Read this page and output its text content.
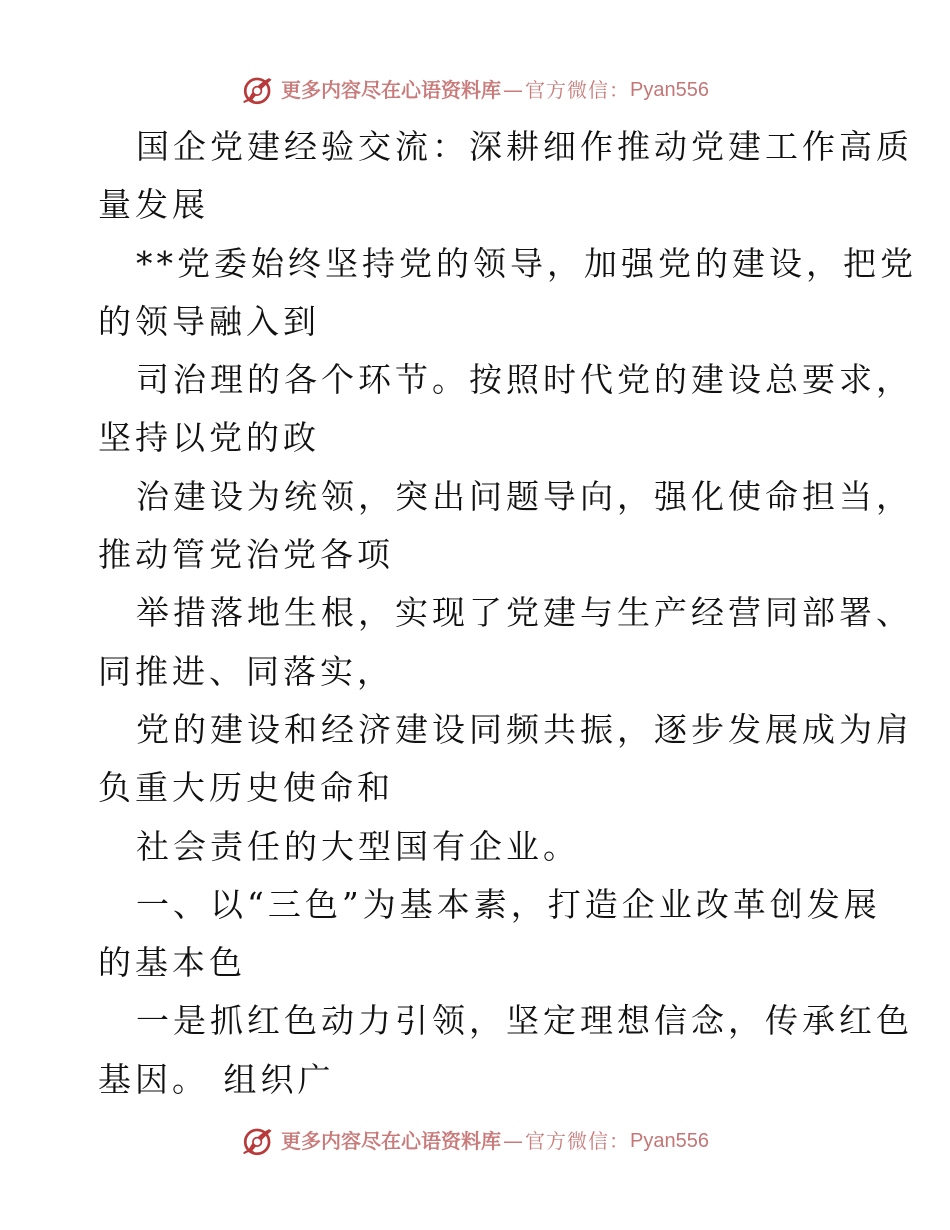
更多内容尽在心语资料库 — 官方微信： Pyan556

国企党建经验交流：深耕细作推动党建工作高质

量发展

**党委始终坚持党的领导，加强党的建设，把党

的领导融入到

司治理的各个环节。按照时代党的建设总要求，

坚持以党的政

治建设为统领，突出问题导向，强化使命担当，

推动管党治党各项

举措落地生根，实现了党建与生产经营同部署、

同推进、同落实，

党的建设和经济建设同频共振，逐步发展成为肩

负重大历史使命和

社会责任的大型国有企业。

一、以“三色”为基本素，打造企业改革创发展

的基本色

一是抓红色动力引领，坚定理想信念，传承红色

基因。 组织广

更多内容尽在心语资料库 — 官方微信： Pyan556
